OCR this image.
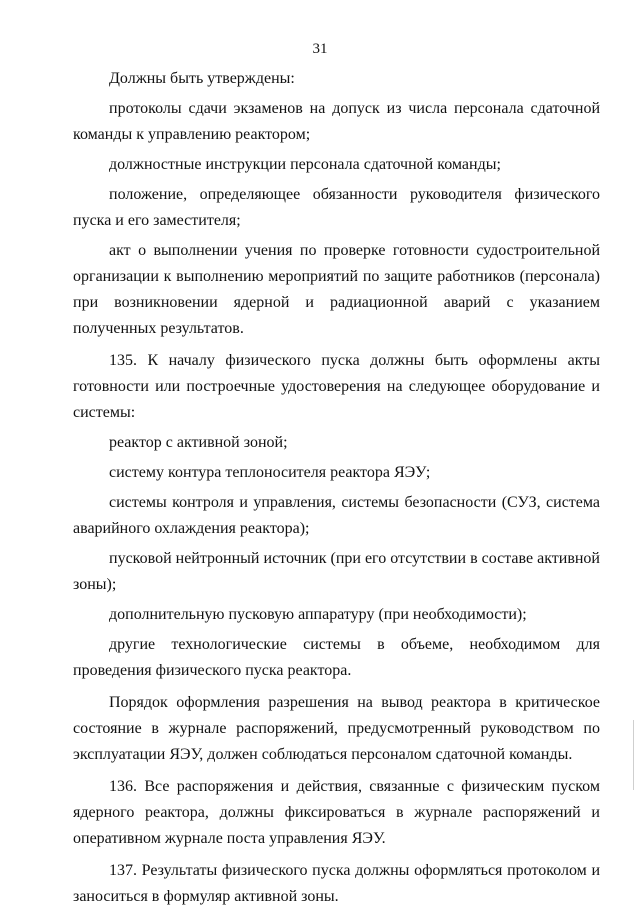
31

Должны быть утверждены:

протоколы сдачи экзаменов на допуск из числа персонала сдаточной команды к управлению реактором;

должностные инструкции персонала сдаточной команды;

положение, определяющее обязанности руководителя физического пуска и его заместителя;

акт о выполнении учения по проверке готовности судостроительной организации к выполнению мероприятий по защите работников (персонала) при возникновении ядерной и радиационной аварий с указанием полученных результатов.

135. К началу физического пуска должны быть оформлены акты готовности или построечные удостоверения на следующее оборудование и системы:

реактор с активной зоной;

систему контура теплоносителя реактора ЯЭУ;

системы контроля и управления, системы безопасности (СУЗ, система аварийного охлаждения реактора);

пусковой нейтронный источник (при его отсутствии в составе активной зоны);

дополнительную пусковую аппаратуру (при необходимости);

другие технологические системы в объеме, необходимом для проведения физического пуска реактора.

Порядок оформления разрешения на вывод реактора в критическое состояние в журнале распоряжений, предусмотренный руководством по эксплуатации ЯЭУ, должен соблюдаться персоналом сдаточной команды.

136. Все распоряжения и действия, связанные с физическим пуском ядерного реактора, должны фиксироваться в журнале распоряжений и оперативном журнале поста управления ЯЭУ.

137. Результаты физического пуска должны оформляться протоколом и заноситься в формуляр активной зоны.
